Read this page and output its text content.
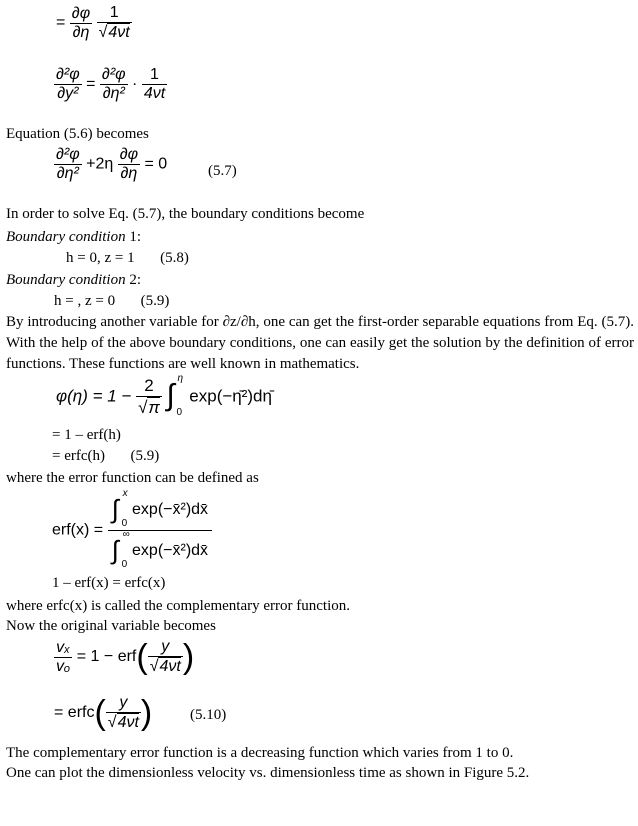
= $\frac{\partial\varphi}{\partial\eta}$
$\frac{1}{√4\nu t}$
$\frac{\text{∂²φ}}{\text{∂y²}} = \frac{\text{∂²φ}}{\text{∂η²}} \cdot \frac{1}{4\nu t}$
Equation (5.6) becomes
$\frac{\text{∂²φ}}{\text{∂η²}} +2\eta \frac{\partial\varphi}{\partial\eta} = 0$	(5.7)
In order to solve Eq. (5.7), the boundary conditions become
Boundary condition 1:
h = 0, z = 1 (5.8)
Boundary condition 2:
h = , z = 0 (5.9)
By introducing another variable for ∂z/∂h, one can get the first-order separable equations from Eq. (5.7). With the help of the above boundary conditions, one can easily get the solution by the definition of error functions. These functions are well known in mathematics.
$\varphi(\eta) = 1 - \frac{2}{√\pi}$
∫
η
0
exp(−η̄²)dη̄
= 1 – erf(h)
= erfc(h) (5.9)
where the error function can be defined as
erf(x) = ∫
x
0
exp(−x̄²)dx̄
∫
∞
0
exp(−x̄²)dx̄
1 – erf(x) = erfc(x)
where erfc(x) is called the complementary error function.
Now the original variable becomes
$\frac{\text{vₓ}}{\text{vₒ}} = 1 - erf( \frac{y}{√4\nu t}$ )
= erfc( $\frac{y}{√4\nu t}$ )	(5.10)
The complementary error function is a decreasing function which varies from 1 to 0.
One can plot the dimensionless velocity vs. dimensionless time as shown in Figure 5.2.
